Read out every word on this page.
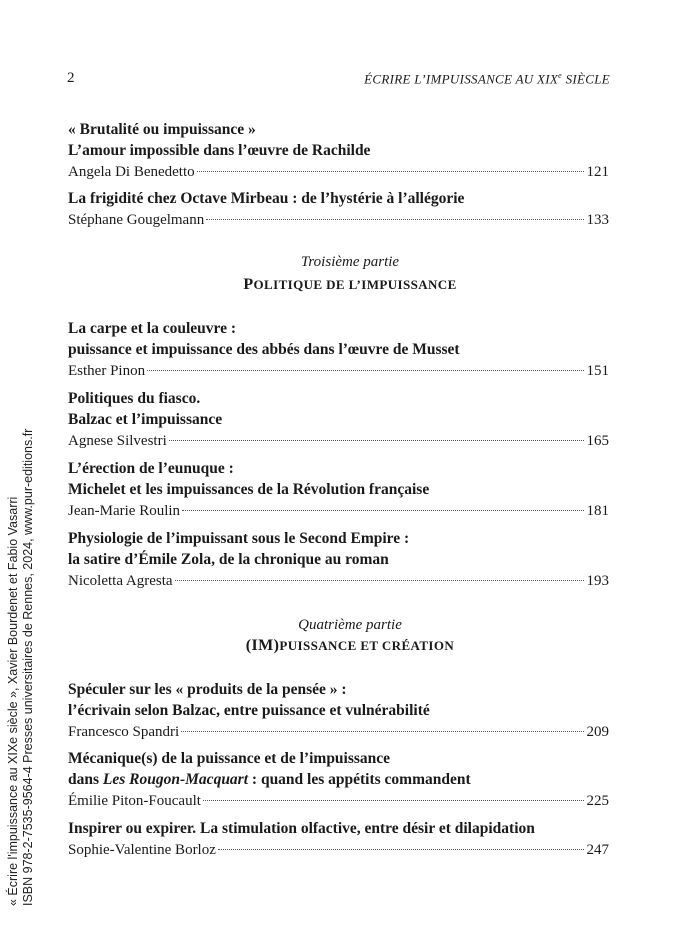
2	ÉCRIRE L’IMPUISSANCE AU XIXe SIÈCLE
« Brutalité ou impuissance »
L’amour impossible dans l’œuvre de Rachilde
Angela Di Benedetto	121
La frigidité chez Octave Mirbeau : de l’hystérie à l’allégorie
Stéphane Gougelmann	133
Troisième partie
POLITIQUE DE L’IMPUISSANCE
La carpe et la couleuvre :
puissance et impuissance des abbés dans l’œuvre de Musset
Esther Pinon	151
Politiques du fiasco.
Balzac et l’impuissance
Agnese Silvestri	165
L’érection de l’eunuque :
Michelet et les impuissances de la Révolution française
Jean-Marie Roulin	181
Physiologie de l’impuissant sous le Second Empire :
la satire d’Émile Zola, de la chronique au roman
Nicoletta Agresta	193
Quatrième partie
(IM)PUISSANCE ET CRÉATION
Spéculer sur les « produits de la pensée » :
l’écrivain selon Balzac, entre puissance et vulnérabilité
Francesco Spandri	209
Mécanique(s) de la puissance et de l’impuissance
dans Les Rougon-Macquart : quand les appétits commandent
Émilie Piton-Foucault	225
Inspirer ou expirer. La stimulation olfactive, entre désir et dilapidation
Sophie-Valentine Borloz	247
« Écrire l'impuissance au XIXe siècle », Xavier Bourdenet et Fabio Vasarri ISBN 978-2-7535-9564-4 Presses universitaires de Rennes, 2024, www.pur-editions.fr
